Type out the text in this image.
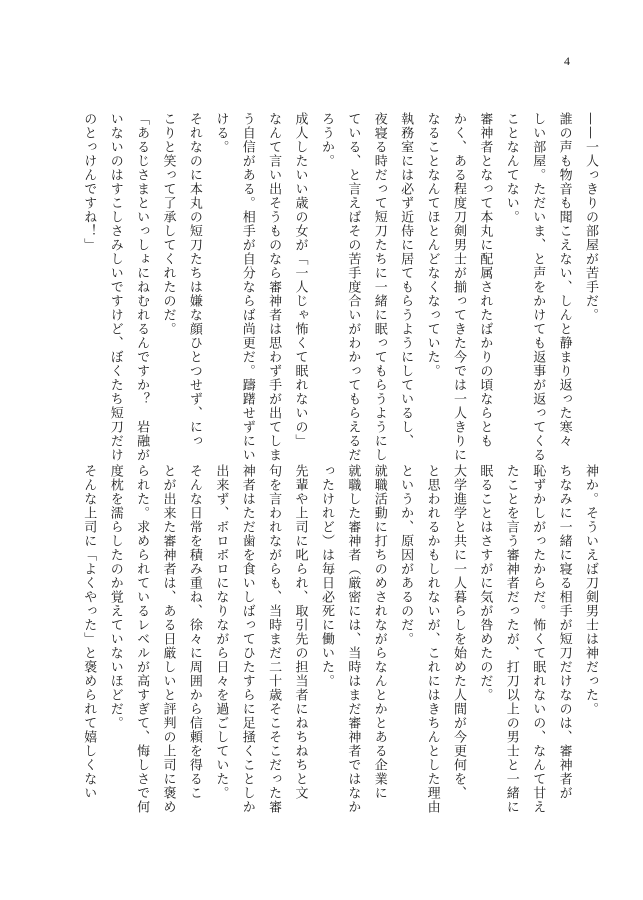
4
——一人っきりの部屋が苦手だ。
誰の声も物音も聞こえない、しんと静まり返った寒々
しい部屋。ただいま、と声をかけても返事が返ってくる
ことなんてない。
審神者となって本丸に配属されたばかりの頃ならとも
かく、ある程度刀剣男士が揃ってきた今では一人きりに
なることなんてほとんどなくなっていた。
執務室には必ず近侍に居てもらうようにしているし、
夜寝る時だって短刀たちに一緒に眠ってもらうようにし
ている、と言えばその苦手度合いがわかってもらえるだ
ろうか。
成人したいい歳の女が「一人じゃ怖くて眠れないの」
なんて言い出そうものなら審神者は思わず手が出てしま
う自信がある。相手が自分ならば尚更だ。躊躇せずにい
ける。
それなのに本丸の短刀たちは嫌な顔ひとつせず、にっ
こりと笑って了承してくれたのだ。
「あるじさまといっしょにねむれるんですか？　岩融が
いないのはすこしさみしいですけど、ぼくたち短刀だけ
のとっけんですね！」
神か。そういえば刀剣男士は神だった。
ちなみに一緒に寝る相手が短刀だけなのは、審神者が
恥ずかしがったからだ。怖くて眠れないの、なんて甘え
たことを言う審神者だったが、打刀以上の男士と一緒に
眠ることはさすがに気が咎めたのだ。
大学進学と共に一人暮らしを始めた人間が今更何を、
と思われるかもしれないが、これにはきちんとした理由
というか、原因があるのだ。
就職活動に打ちのめされながらなんとかとある企業に
就職した審神者（厳密には、当時はまだ審神者ではなか
ったけれど）は毎日必死に働いた。
先輩や上司に叱られ、取引先の担当者にねちねちと文
句を言われながらも、当時まだ二十歳そこそこだった審
神者はただ歯を食いしばってひたすらに足掻くことしか
出来ず、ボロボロになりながら日々を過ごしていた。
そんな日常を積み重ね、徐々に周囲から信頼を得るこ
とが出来た審神者は、ある日厳しいと評判の上司に褒め
られた。求められているレベルが高すぎて、悔しさで何
度枕を濡らしたのか覚えていないほどだ。
そんな上司に「よくやった」と褒められて嬉しくない
